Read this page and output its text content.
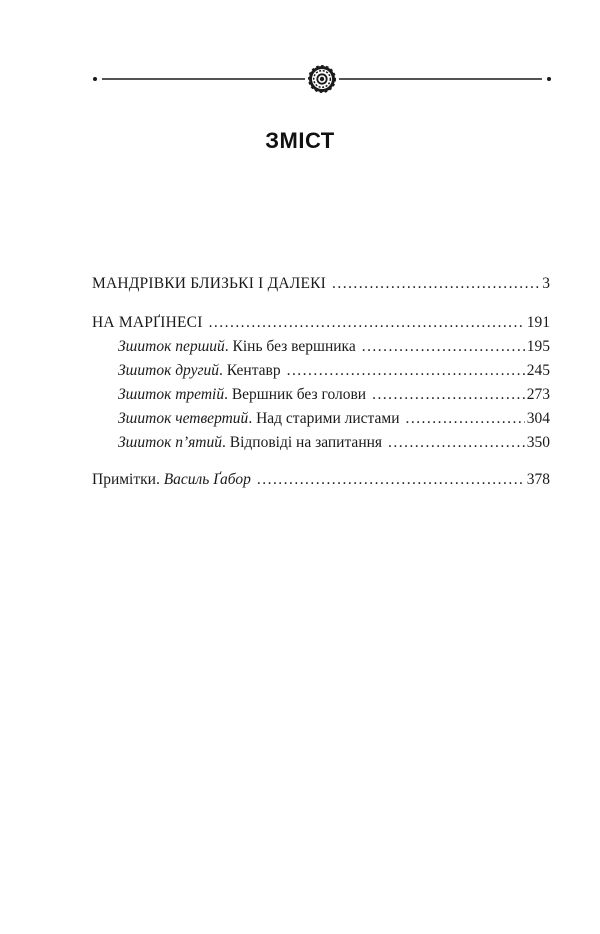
ЗМІСТ
МАНДРІВКИ БЛИЗЬКІ І ДАЛЕКІ . . .	3
НА МАРҐІНЕСІ . . .	191
Зшиток перший. Кінь без вершника . . .	195
Зшиток другий. Кентавр . . .	245
Зшиток третій. Вершник без голови . . .	273
Зшиток четвертий. Над старими листами . . .	304
Зшиток п’ятий. Відповіді на запитання . . .	350
Примітки. Василь Ґабор . . .	378
